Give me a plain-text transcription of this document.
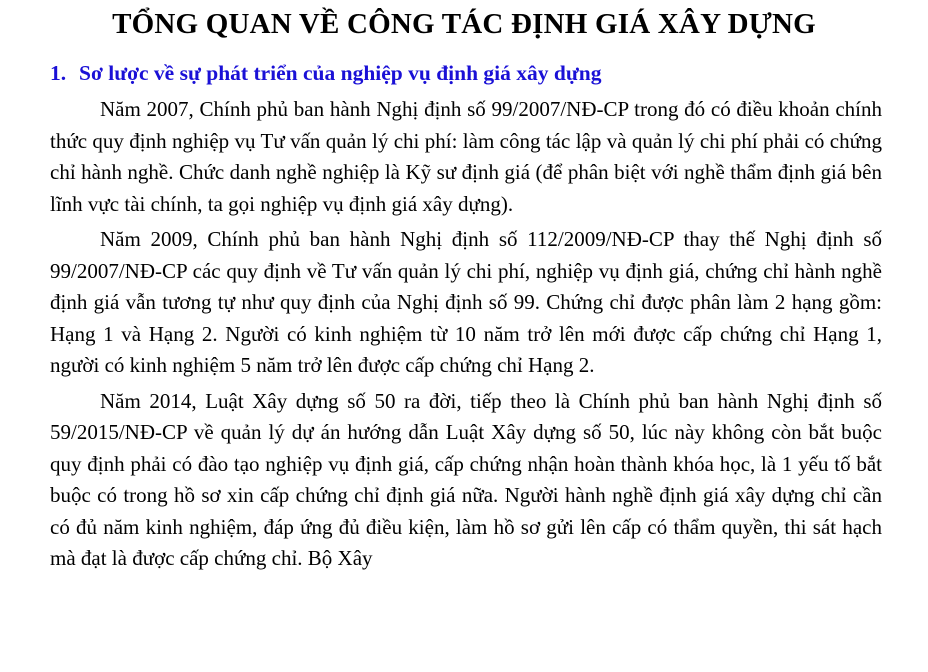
TỔNG QUAN VỀ CÔNG TÁC ĐỊNH GIÁ XÂY DỰNG
1. Sơ lược về sự phát triển của nghiệp vụ định giá xây dựng

Năm 2007, Chính phủ ban hành Nghị định số 99/2007/NĐ-CP trong đó có điều khoản chính thức quy định nghiệp vụ Tư vấn quản lý chi phí: làm công tác lập và quản lý chi phí phải có chứng chỉ hành nghề. Chức danh nghề nghiệp là Kỹ sư định giá (để phân biệt với nghề thẩm định giá bên lĩnh vực tài chính, ta gọi nghiệp vụ định giá xây dựng).

Năm 2009, Chính phủ ban hành Nghị định số 112/2009/NĐ-CP thay thế Nghị định số 99/2007/NĐ-CP các quy định về Tư vấn quản lý chi phí, nghiệp vụ định giá, chứng chỉ hành nghề định giá vẫn tương tự như quy định của Nghị định số 99. Chứng chỉ được phân làm 2 hạng gồm: Hạng 1 và Hạng 2. Người có kinh nghiệm từ 10 năm trở lên mới được cấp chứng chỉ Hạng 1, người có kinh nghiệm 5 năm trở lên được cấp chứng chỉ Hạng 2.

Năm 2014, Luật Xây dựng số 50 ra đời, tiếp theo là Chính phủ ban hành Nghị định số 59/2015/NĐ-CP về quản lý dự án hướng dẫn Luật Xây dựng số 50, lúc này không còn bắt buộc quy định phải có đào tạo nghiệp vụ định giá, cấp chứng nhận hoàn thành khóa học, là 1 yếu tố bắt buộc có trong hồ sơ xin cấp chứng chỉ định giá nữa. Người hành nghề định giá xây dựng chỉ cần có đủ năm kinh nghiệm, đáp ứng đủ điều kiện, làm hồ sơ gửi lên cấp có thẩm quyền, thi sát hạch mà đạt là được cấp chứng chỉ. Bộ Xây
